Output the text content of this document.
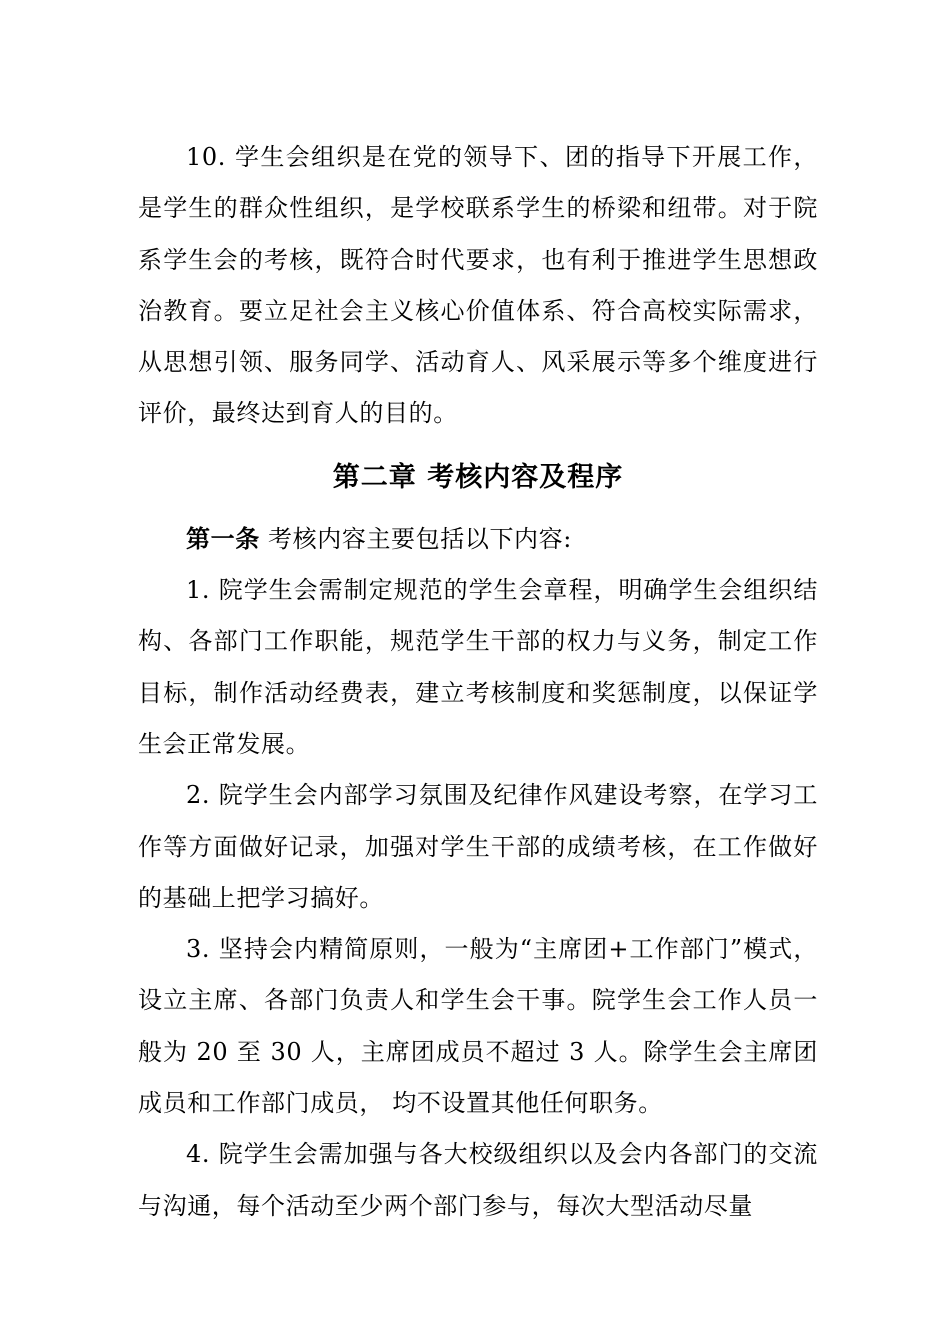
10. 学生会组织是在党的领导下、团的指导下开展工作，是学生的群众性组织，是学校联系学生的桥梁和纽带。对于院系学生会的考核，既符合时代要求，也有利于推进学生思想政治教育。要立足社会主义核心价值体系、符合高校实际需求，从思想引领、服务同学、活动育人、风采展示等多个维度进行评价，最终达到育人的目的。

第二章 考核内容及程序

第一条 考核内容主要包括以下内容:

1. 院学生会需制定规范的学生会章程，明确学生会组织结构、各部门工作职能，规范学生干部的权力与义务，制定工作目标，制作活动经费表，建立考核制度和奖惩制度，以保证学生会正常发展。

2. 院学生会内部学习氛围及纪律作风建设考察，在学习工作等方面做好记录，加强对学生干部的成绩考核，在工作做好的基础上把学习搞好。

3. 坚持会内精简原则，一般为“主席团+工作部门”模式，设立主席、各部门负责人和学生会干事。院学生会工作人员一般为 20 至 30 人，主席团成员不超过 3 人。除学生会主席团成员和工作部门成员， 均不设置其他任何职务。

4. 院学生会需加强与各大校级组织以及会内各部门的交流与沟通，每个活动至少两个部门参与，每次大型活动尽量
